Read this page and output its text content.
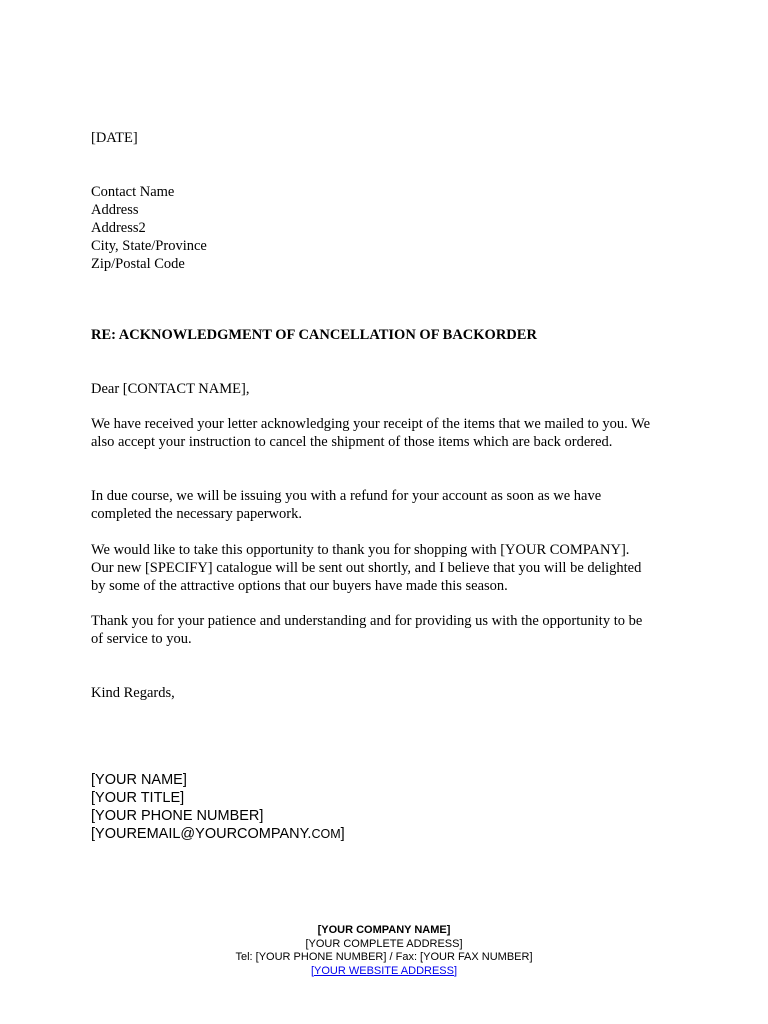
[DATE]
Contact Name
Address
Address2
City, State/Province
Zip/Postal Code
RE: ACKNOWLEDGMENT OF CANCELLATION OF BACKORDER
Dear [CONTACT NAME],
We have received your letter acknowledging your receipt of the items that we mailed to you. We
also accept your instruction to cancel the shipment of those items which are back ordered.
In due course, we will be issuing you with a refund for your account as soon as we have
completed the necessary paperwork.
We would like to take this opportunity to thank you for shopping with [YOUR COMPANY].
Our new [SPECIFY] catalogue will be sent out shortly, and I believe that you will be delighted
by some of the attractive options that our buyers have made this season.
Thank you for your patience and understanding and for providing us with the opportunity to be
of service to you.
Kind Regards,
[YOUR NAME]
[YOUR TITLE]
[YOUR PHONE NUMBER]
[YOUREMAIL@YOURCOMPANY.COM]
[YOUR COMPANY NAME]
[YOUR COMPLETE ADDRESS]
Tel: [YOUR PHONE NUMBER] / Fax: [YOUR FAX NUMBER]
[YOUR WEBSITE ADDRESS]
